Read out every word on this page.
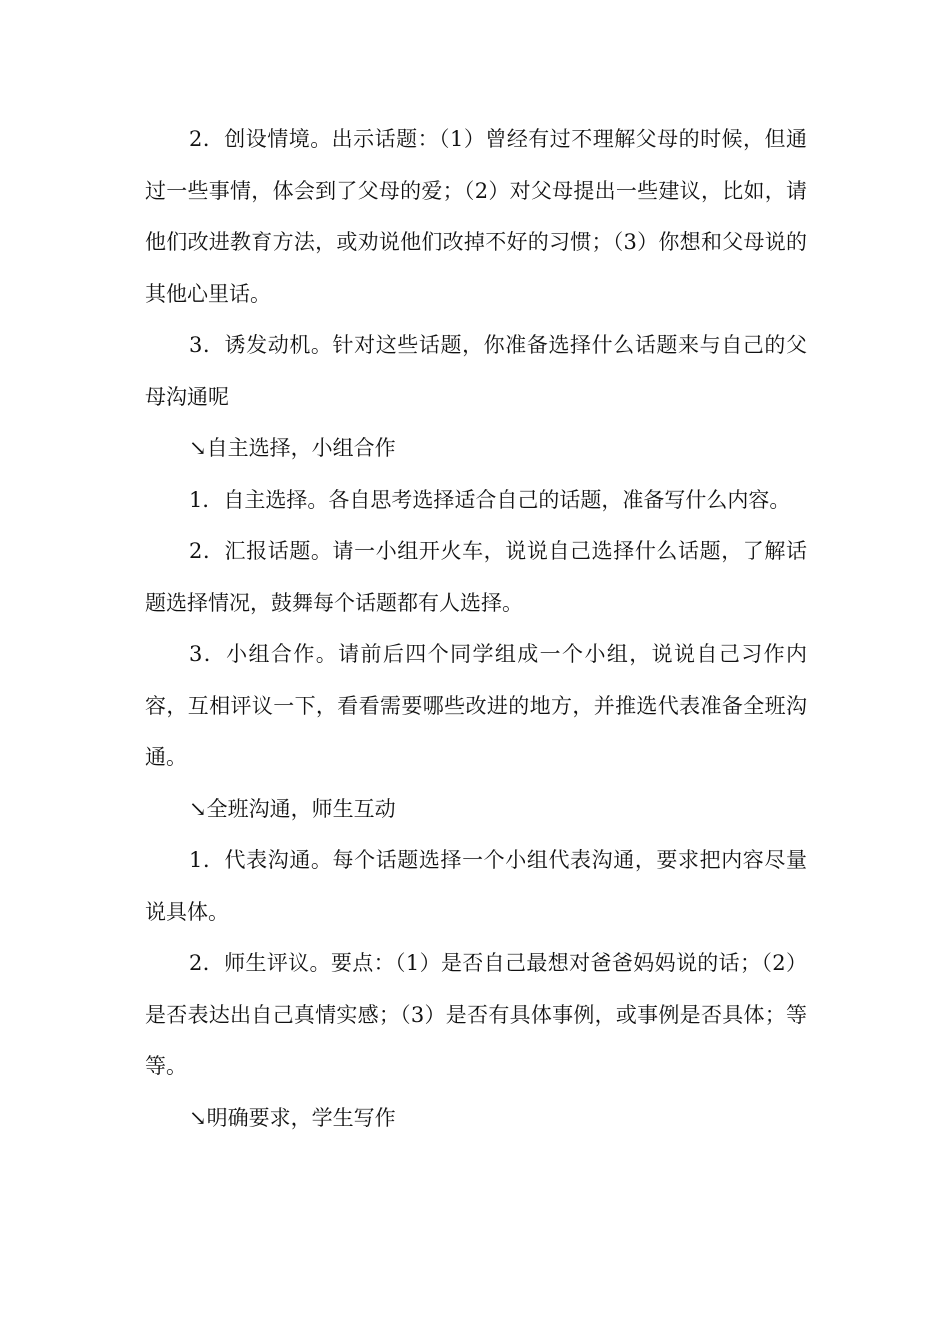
2．创设情境。出示话题：（1）曾经有过不理解父母的时候，但通过一些事情，体会到了父母的爱；（2）对父母提出一些建议，比如，请他们改进教育方法，或劝说他们改掉不好的习惯；（3）你想和父母说的其他心里话。

3．诱发动机。针对这些话题，你准备选择什么话题来与自己的父母沟通呢

↘自主选择，小组合作

1．自主选择。各自思考选择适合自己的话题，准备写什么内容。

2．汇报话题。请一小组开火车，说说自己选择什么话题，了解话题选择情况，鼓舞每个话题都有人选择。

3．小组合作。请前后四个同学组成一个小组，说说自己习作内容，互相评议一下，看看需要哪些改进的地方，并推选代表准备全班沟通。

↘全班沟通，师生互动

1．代表沟通。每个话题选择一个小组代表沟通，要求把内容尽量说具体。

2．师生评议。要点：（1）是否自己最想对爸爸妈妈说的话；（2）是否表达出自己真情实感；（3）是否有具体事例，或事例是否具体；等等。

↘明确要求，学生写作
